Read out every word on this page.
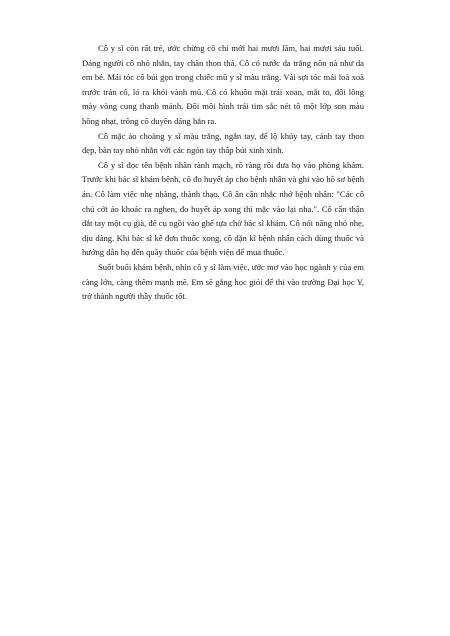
Cô y sĩ còn rất trẻ, ước chừng cô chỉ mới hai mươi lăm, hai mươi sáu tuổi. Dáng người cô nhỏ nhắn, tay chân thon thả. Cô có nước da trắng nõn nà như da em bé. Mái tóc cô búi gọn trong chiếc mũ y sĩ màu trắng. Vài sợi tóc mái loà xoà trước trán cô, ló ra khỏi vành mũ. Cô có khuôn mặt trái xoan, mắt to, đôi lông mày vòng cung thanh mảnh. Đôi môi hình trái tim sắc nét tô một lớp son màu hồng nhạt, trông cô duyên dáng hẳn ra.

Cô mặc áo choàng y sĩ màu trắng, ngắn tay, để lộ khủy tay, cánh tay thon đẹp, bàn tay nhỏ nhắn với các ngón tay thấp bút xinh xinh.

Cô y sĩ đọc tên bệnh nhân rành mạch, rõ ràng rồi đưa họ vào phòng khám. Trước khi bác sĩ khám bệnh, cô đo huyết áp cho bệnh nhân và ghi vào hồ sơ bệnh án. Cô làm việc nhẹ nhàng, thành thạo. Cô ân cần nhắc nhở bệnh nhân: "Các cô chú cởi áo khoác ra nghen, đo huyết áp xong thì mặc vào lại nha.". Cô cẩn thận dắt tay một cụ già, để cụ ngồi vào ghế tựa chờ bác sĩ khám. Cô nói năng nhỏ nhẹ, dịu dàng. Khi bác sĩ kê đơn thuốc xong, cô dặn kĩ bệnh nhân cách dùng thuốc và hướng dẫn họ đến quầy thuốc của bệnh viện để mua thuốc.

Suốt buổi khám bệnh, nhìn cô y sĩ làm việc, ước mơ vào học ngành y của em càng lớn, càng thêm mạnh mẽ. Em sẽ gắng học giỏi để thi vào trường Đại học Y, trở thành người thầy thuốc tốt.
